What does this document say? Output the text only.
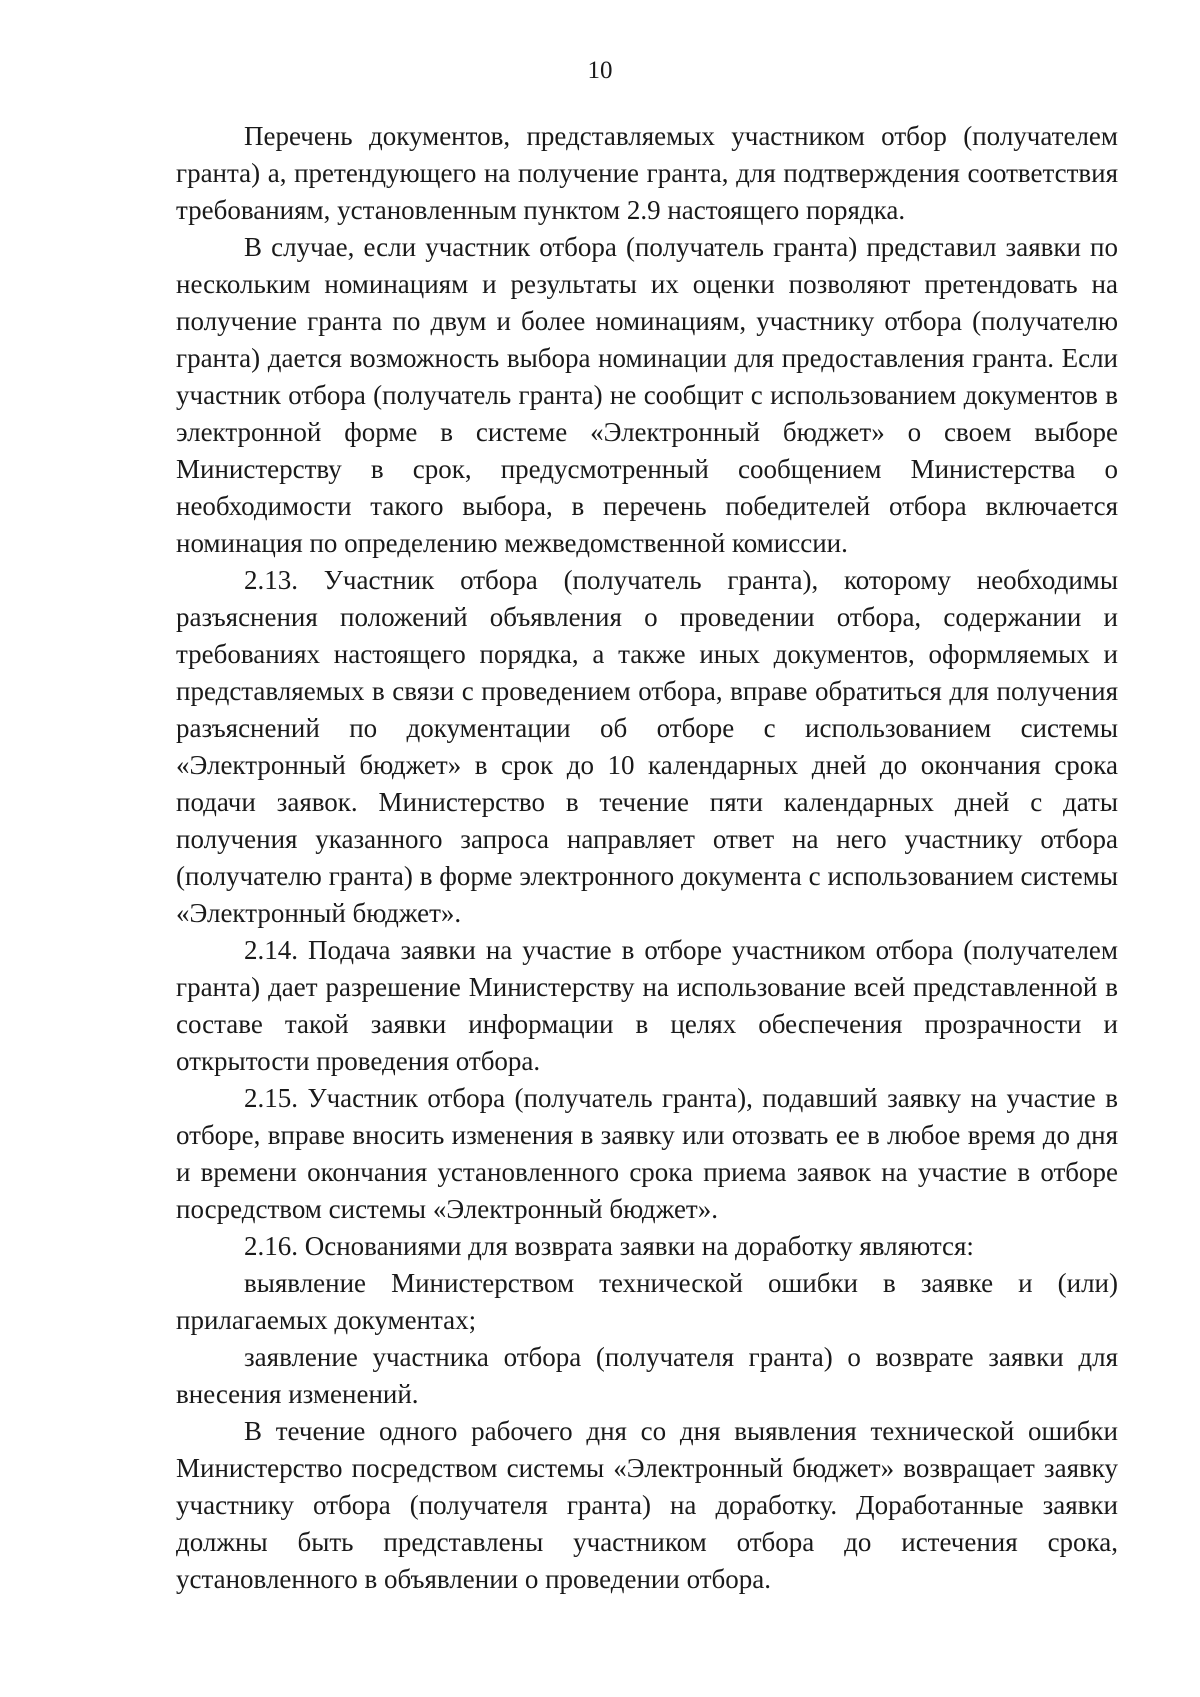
10

Перечень документов, представляемых участником отбор (получателем гранта) а, претендующего на получение гранта, для подтверждения соответствия требованиям, установленным пунктом 2.9 настоящего порядка.

В случае, если участник отбора (получатель гранта) представил заявки по нескольким номинациям и результаты их оценки позволяют претендовать на получение гранта по двум и более номинациям, участнику отбора (получателю гранта) дается возможность выбора номинации для предоставления гранта. Если участник отбора (получатель гранта) не сообщит с использованием документов в электронной форме в системе «Электронный бюджет» о своем выборе Министерству в срок, предусмотренный сообщением Министерства о необходимости такого выбора, в перечень победителей отбора включается номинация по определению межведомственной комиссии.

2.13. Участник отбора (получатель гранта), которому необходимы разъяснения положений объявления о проведении отбора, содержании и требованиях настоящего порядка, а также иных документов, оформляемых и представляемых в связи с проведением отбора, вправе обратиться для получения разъяснений по документации об отборе с использованием системы «Электронный бюджет» в срок до 10 календарных дней до окончания срока подачи заявок. Министерство в течение пяти календарных дней с даты получения указанного запроса направляет ответ на него участнику отбора (получателю гранта) в форме электронного документа с использованием системы «Электронный бюджет».

2.14. Подача заявки на участие в отборе участником отбора (получателем гранта) дает разрешение Министерству на использование всей представленной в составе такой заявки информации в целях обеспечения прозрачности и открытости проведения отбора.

2.15. Участник отбора (получатель гранта), подавший заявку на участие в отборе, вправе вносить изменения в заявку или отозвать ее в любое время до дня и времени окончания установленного срока приема заявок на участие в отборе посредством системы «Электронный бюджет».

2.16. Основаниями для возврата заявки на доработку являются:

выявление Министерством технической ошибки в заявке и (или) прилагаемых документах;

заявление участника отбора (получателя гранта) о возврате заявки для внесения изменений.

В течение одного рабочего дня со дня выявления технической ошибки Министерство посредством системы «Электронный бюджет» возвращает заявку участнику отбора (получателя гранта) на доработку. Доработанные заявки должны быть представлены участником отбора до истечения срока, установленного в объявлении о проведении отбора.
